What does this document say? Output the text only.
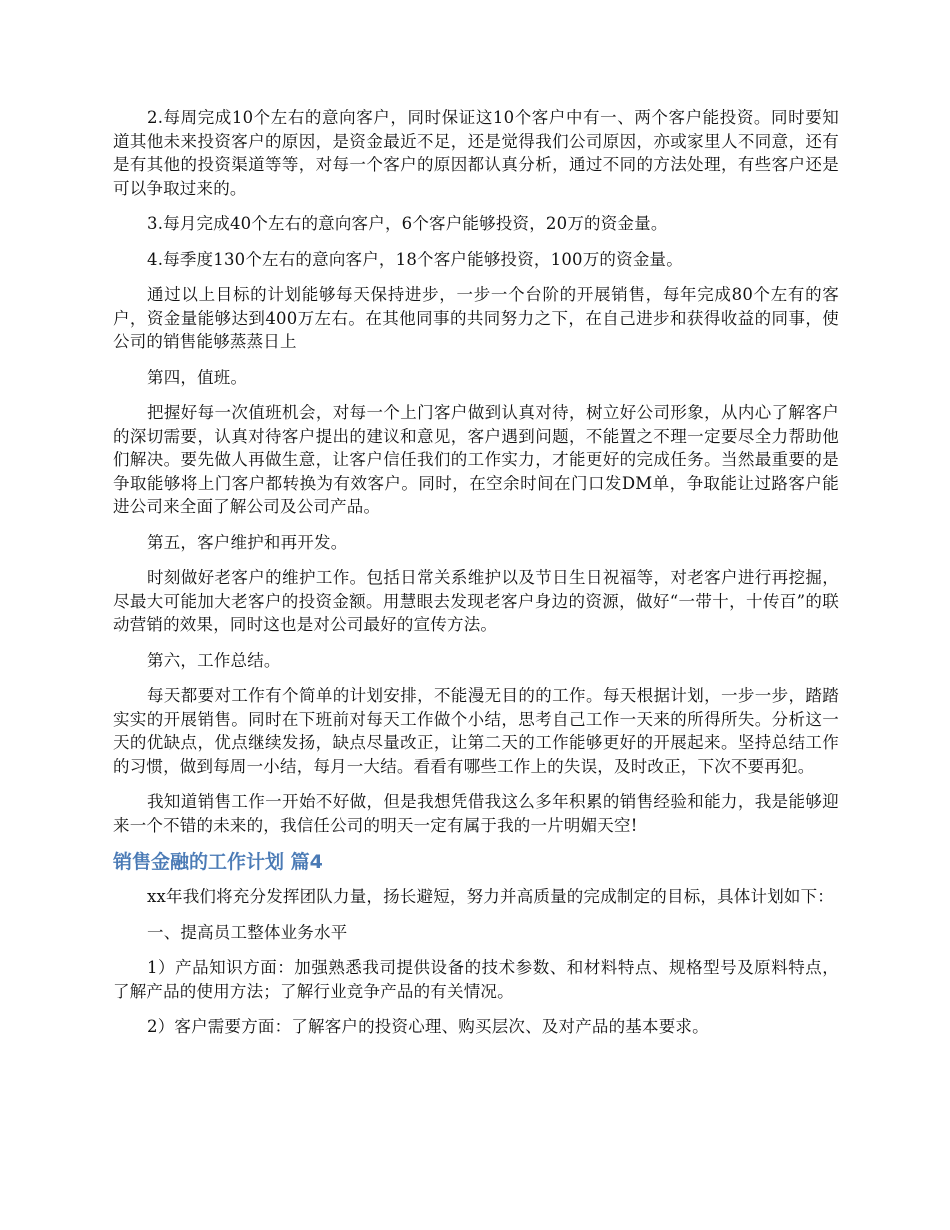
2.每周完成10个左右的意向客户，同时保证这10个客户中有一、两个客户能投资。同时要知道其他未来投资客户的原因，是资金最近不足，还是觉得我们公司原因，亦或家里人不同意，还有是有其他的投资渠道等等，对每一个客户的原因都认真分析，通过不同的方法处理，有些客户还是可以争取过来的。

3.每月完成40个左右的意向客户，6个客户能够投资，20万的资金量。

4.每季度130个左右的意向客户，18个客户能够投资，100万的资金量。

通过以上目标的计划能够每天保持进步，一步一个台阶的开展销售，每年完成80个左有的客户，资金量能够达到400万左右。在其他同事的共同努力之下，在自己进步和获得收益的同事，使公司的销售能够蒸蒸日上

第四，值班。

把握好每一次值班机会，对每一个上门客户做到认真对待，树立好公司形象，从内心了解客户的深切需要，认真对待客户提出的建议和意见，客户遇到问题，不能置之不理一定要尽全力帮助他们解决。要先做人再做生意，让客户信任我们的工作实力，才能更好的完成任务。当然最重要的是争取能够将上门客户都转换为有效客户。同时，在空余时间在门口发DM单，争取能让过路客户能进公司来全面了解公司及公司产品。

第五，客户维护和再开发。

时刻做好老客户的维护工作。包括日常关系维护以及节日生日祝福等，对老客户进行再挖掘，尽最大可能加大老客户的投资金额。用慧眼去发现老客户身边的资源，做好“一带十，十传百”的联动营销的效果，同时这也是对公司最好的宣传方法。

第六，工作总结。

每天都要对工作有个简单的计划安排，不能漫无目的的工作。每天根据计划，一步一步，踏踏实实的开展销售。同时在下班前对每天工作做个小结，思考自己工作一天来的所得所失。分析这一天的优缺点，优点继续发扬，缺点尽量改正，让第二天的工作能够更好的开展起来。坚持总结工作的习惯，做到每周一小结，每月一大结。看看有哪些工作上的失误，及时改正，下次不要再犯。

我知道销售工作一开始不好做，但是我想凭借我这么多年积累的销售经验和能力，我是能够迎来一个不错的未来的，我信任公司的明天一定有属于我的一片明媚天空!

销售金融的工作计划 篇4

xx年我们将充分发挥团队力量，扬长避短，努力并高质量的完成制定的目标，具体计划如下：

一、提高员工整体业务水平

1）产品知识方面：加强熟悉我司提供设备的技术参数、和材料特点、规格型号及原料特点，了解产品的使用方法；了解行业竞争产品的有关情况。

2）客户需要方面：了解客户的投资心理、购买层次、及对产品的基本要求。
